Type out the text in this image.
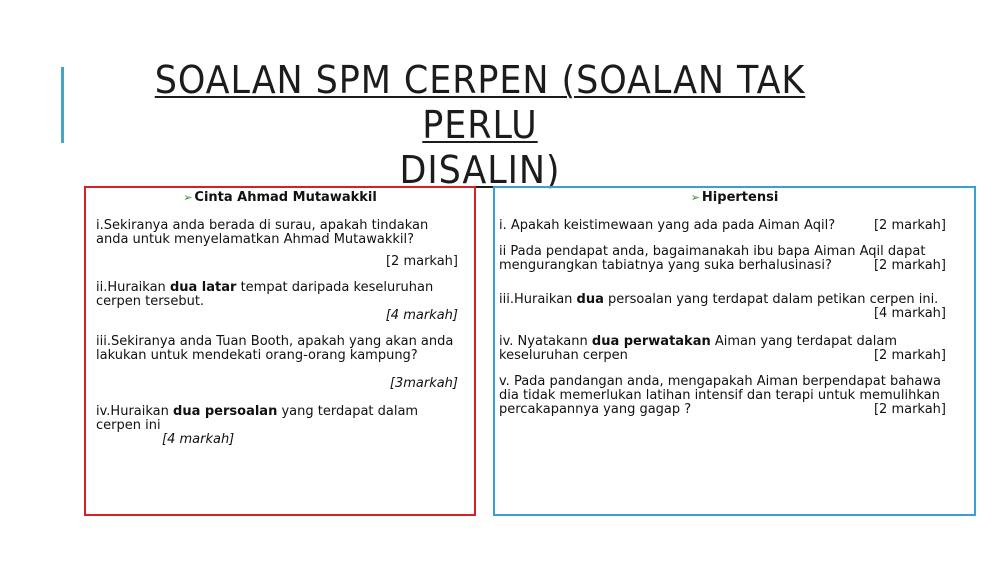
SOALAN SPM CERPEN (SOALAN TAK PERLU
DISALIN)
➢ Cinta Ahmad Mutawakkil
i.Sekiranya anda berada di surau, apakah tindakan
anda untuk menyelamatkan Ahmad Mutawakkil?
[2 markah]
ii.Huraikan dua latar tempat daripada keseluruhan
cerpen tersebut.
[4 markah]
iii.Sekiranya anda Tuan Booth, apakah yang akan anda
lakukan untuk mendekati orang-orang kampung?
[3markah]
iv.Huraikan dua persoalan yang terdapat dalam
cerpen ini
[4 markah]
➢ Hipertensi
i. Apakah keistimewaan yang ada pada Aiman Aqil?	[2 markah]
ii Pada pendapat anda, bagaimanakah ibu bapa Aiman Aqil dapat
mengurangkan tabiatnya yang suka berhalusinasi?	[2 markah]
iii.Huraikan dua persoalan yang terdapat dalam petikan cerpen ini.
[4 markah]
iv. Nyatakann dua perwatakan Aiman yang terdapat dalam
keseluruhan cerpen	[2 markah]
v. Pada pandangan anda, mengapakah Aiman berpendapat bahawa
dia tidak memerlukan latihan intensif dan terapi untuk memulihkan
percakapannya yang gagap ?	[2 markah]
